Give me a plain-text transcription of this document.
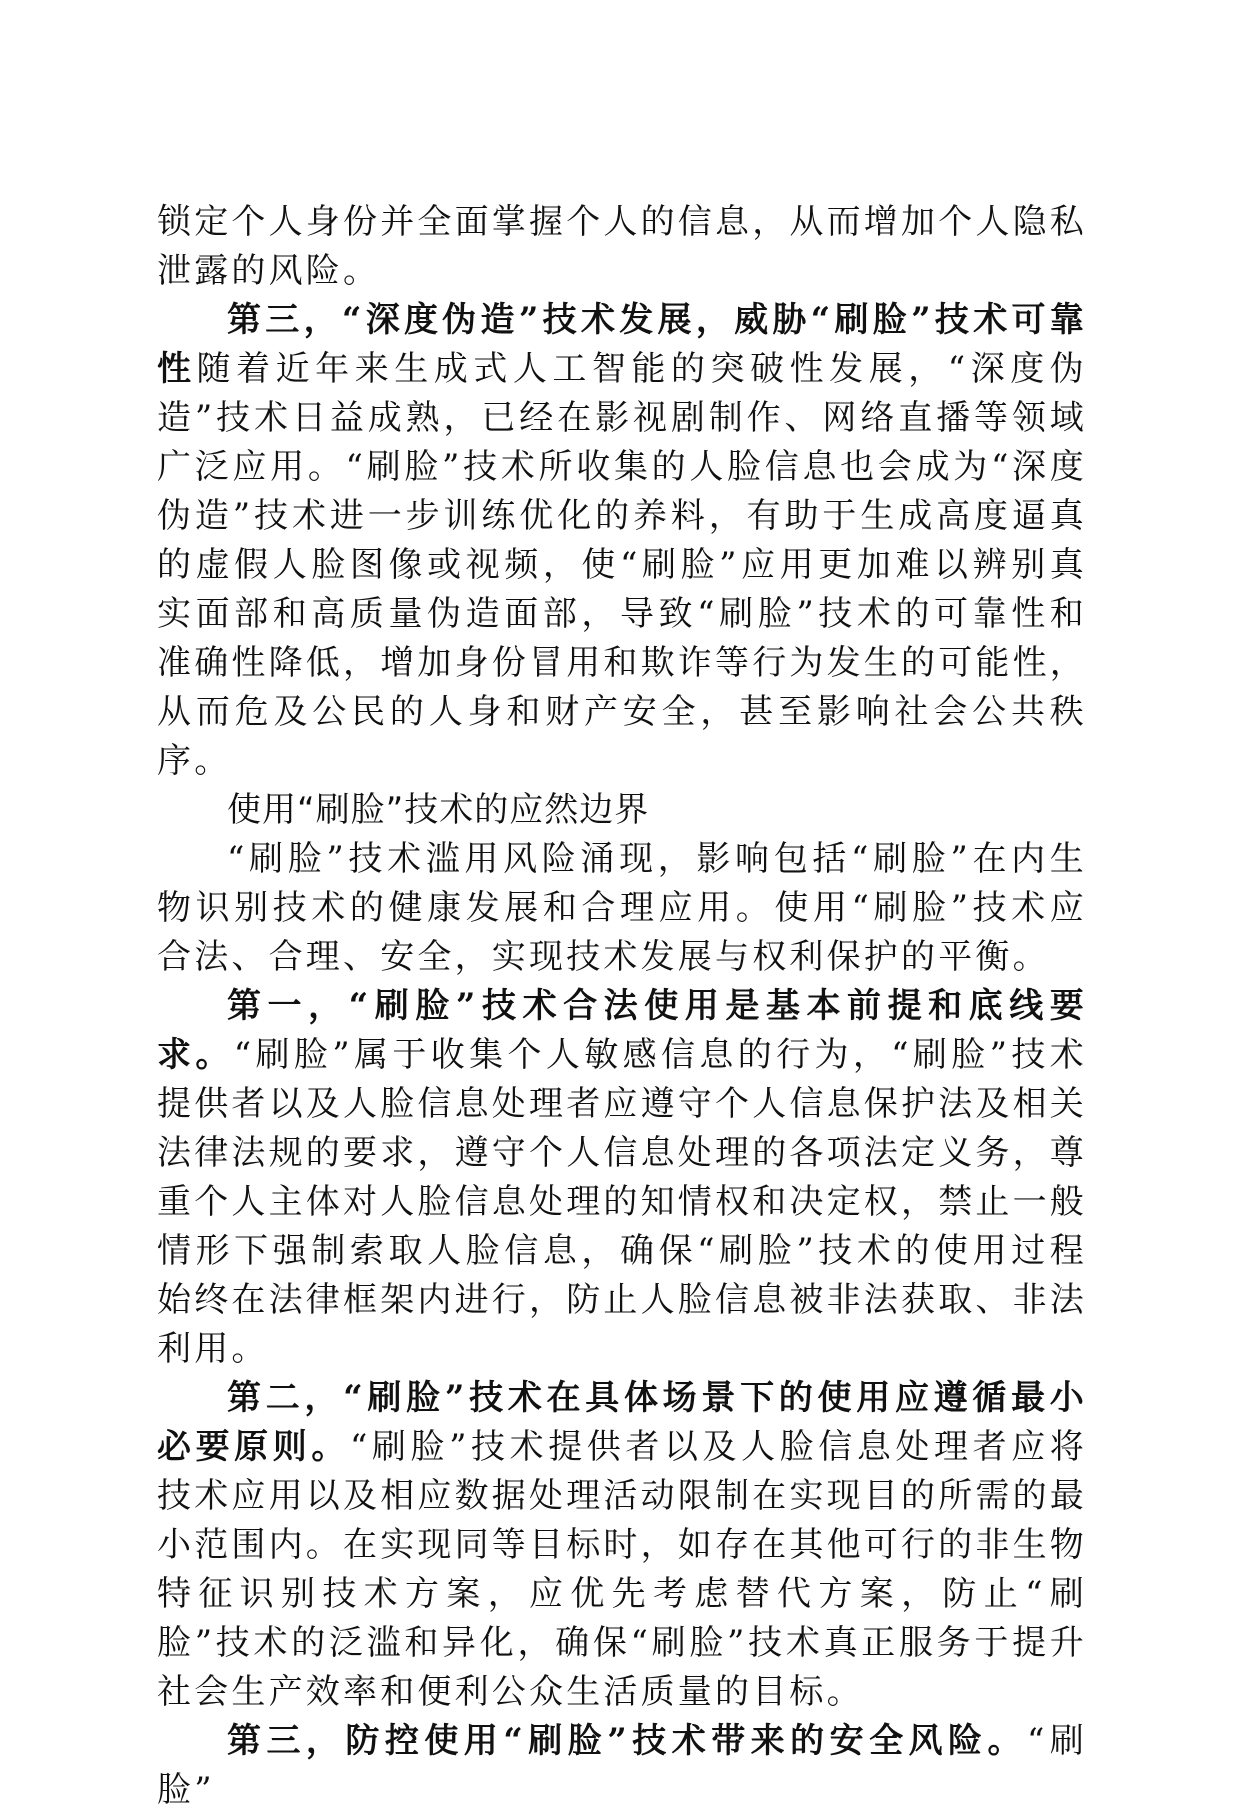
锁定个人身份并全面掌握个人的信息，从而增加个人隐私泄露的风险。

第三，“深度伪造”技术发展，威胁“刷脸”技术可靠性随着近年来生成式人工智能的突破性发展，“深度伪造”技术日益成熟，已经在影视剧制作、网络直播等领域广泛应用。“刷脸”技术所收集的人脸信息也会成为“深度伪造”技术进一步训练优化的养料，有助于生成高度逼真的虚假人脸图像或视频，使“刷脸”应用更加难以辨别真实面部和高质量伪造面部，导致“刷脸”技术的可靠性和准确性降低，增加身份冒用和欺诈等行为发生的可能性，从而危及公民的人身和财产安全，甚至影响社会公共秩序。

使用“刷脸”技术的应然边界

“刷脸”技术滥用风险涌现，影响包括“刷脸”在内生物识别技术的健康发展和合理应用。使用“刷脸”技术应合法、合理、安全，实现技术发展与权利保护的平衡。

第一，“刷脸”技术合法使用是基本前提和底线要求。“刷脸”属于收集个人敏感信息的行为，“刷脸”技术提供者以及人脸信息处理者应遵守个人信息保护法及相关法律法规的要求，遵守个人信息处理的各项法定义务，尊重个人主体对人脸信息处理的知情权和决定权，禁止一般情形下强制索取人脸信息，确保“刷脸”技术的使用过程始终在法律框架内进行，防止人脸信息被非法获取、非法利用。

第二，“刷脸”技术在具体场景下的使用应遵循最小必要原则。“刷脸”技术提供者以及人脸信息处理者应将技术应用以及相应数据处理活动限制在实现目的所需的最小范围内。在实现同等目标时，如存在其他可行的非生物特征识别技术方案，应优先考虑替代方案，防止“刷脸”技术的泛滥和异化，确保“刷脸”技术真正服务于提升社会生产效率和便利公众生活质量的目标。

第三，防控使用“刷脸”技术带来的安全风险。“刷脸”
